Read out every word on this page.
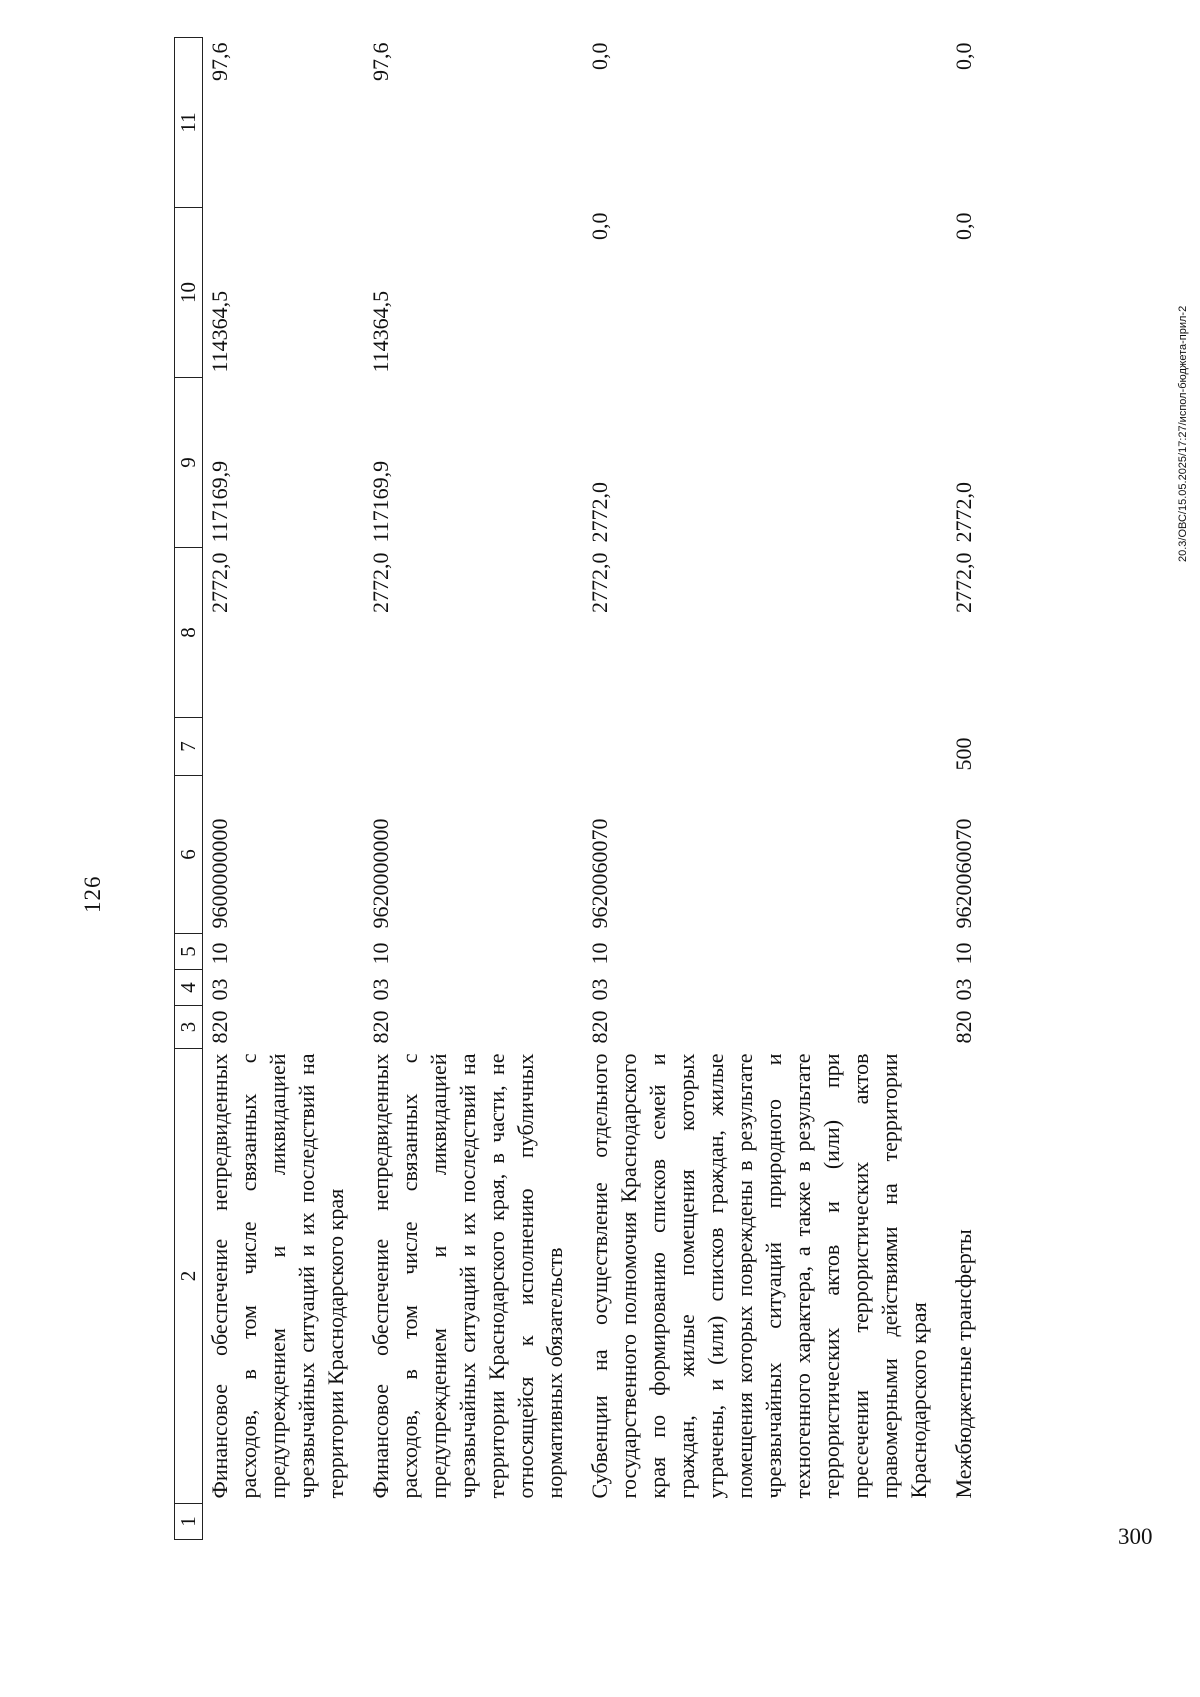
126
1	2	3	4	5	6	7	8	9	10	11
	Финансовое обеспечение непредвиденных расходов, в том числе связанных с предупреждением и ликвидацией чрезвычайных ситуаций и их последствий на территории Краснодарского края	820	03	10	9600000000		2772,0	117169,9	114364,5	97,6

	Финансовое обеспечение непредвиденных расходов, в том числе связанных с предупреждением и ликвидацией чрезвычайных ситуаций и их последствий на территории Краснодарского края, в части, не относящейся к исполнению публичных нормативных обязательств	820	03	10	9620000000		2772,0	117169,9	114364,5	97,6

	Субвенции на осуществление отдельного государственного полномочия Краснодарского края по формированию списков семей и граждан, жилые помещения которых утрачены, и (или) списков граждан, жилые помещения которых повреждены в результате чрезвычайных ситуаций природного и техногенного характера, а также в результате террористических актов и (или) при пресечении террористических актов правомерными действиями на территории Краснодарского края	820	03	10	9620060070		2772,0	2772,0	0,0	0,0

	Межбюджетные трансферты	820	03	10	9620060070	500	2772,0	2772,0	0,0	0,0
20.3/ОВС/15.05.2025/17:27/испол-бюджета-прил-2
300
